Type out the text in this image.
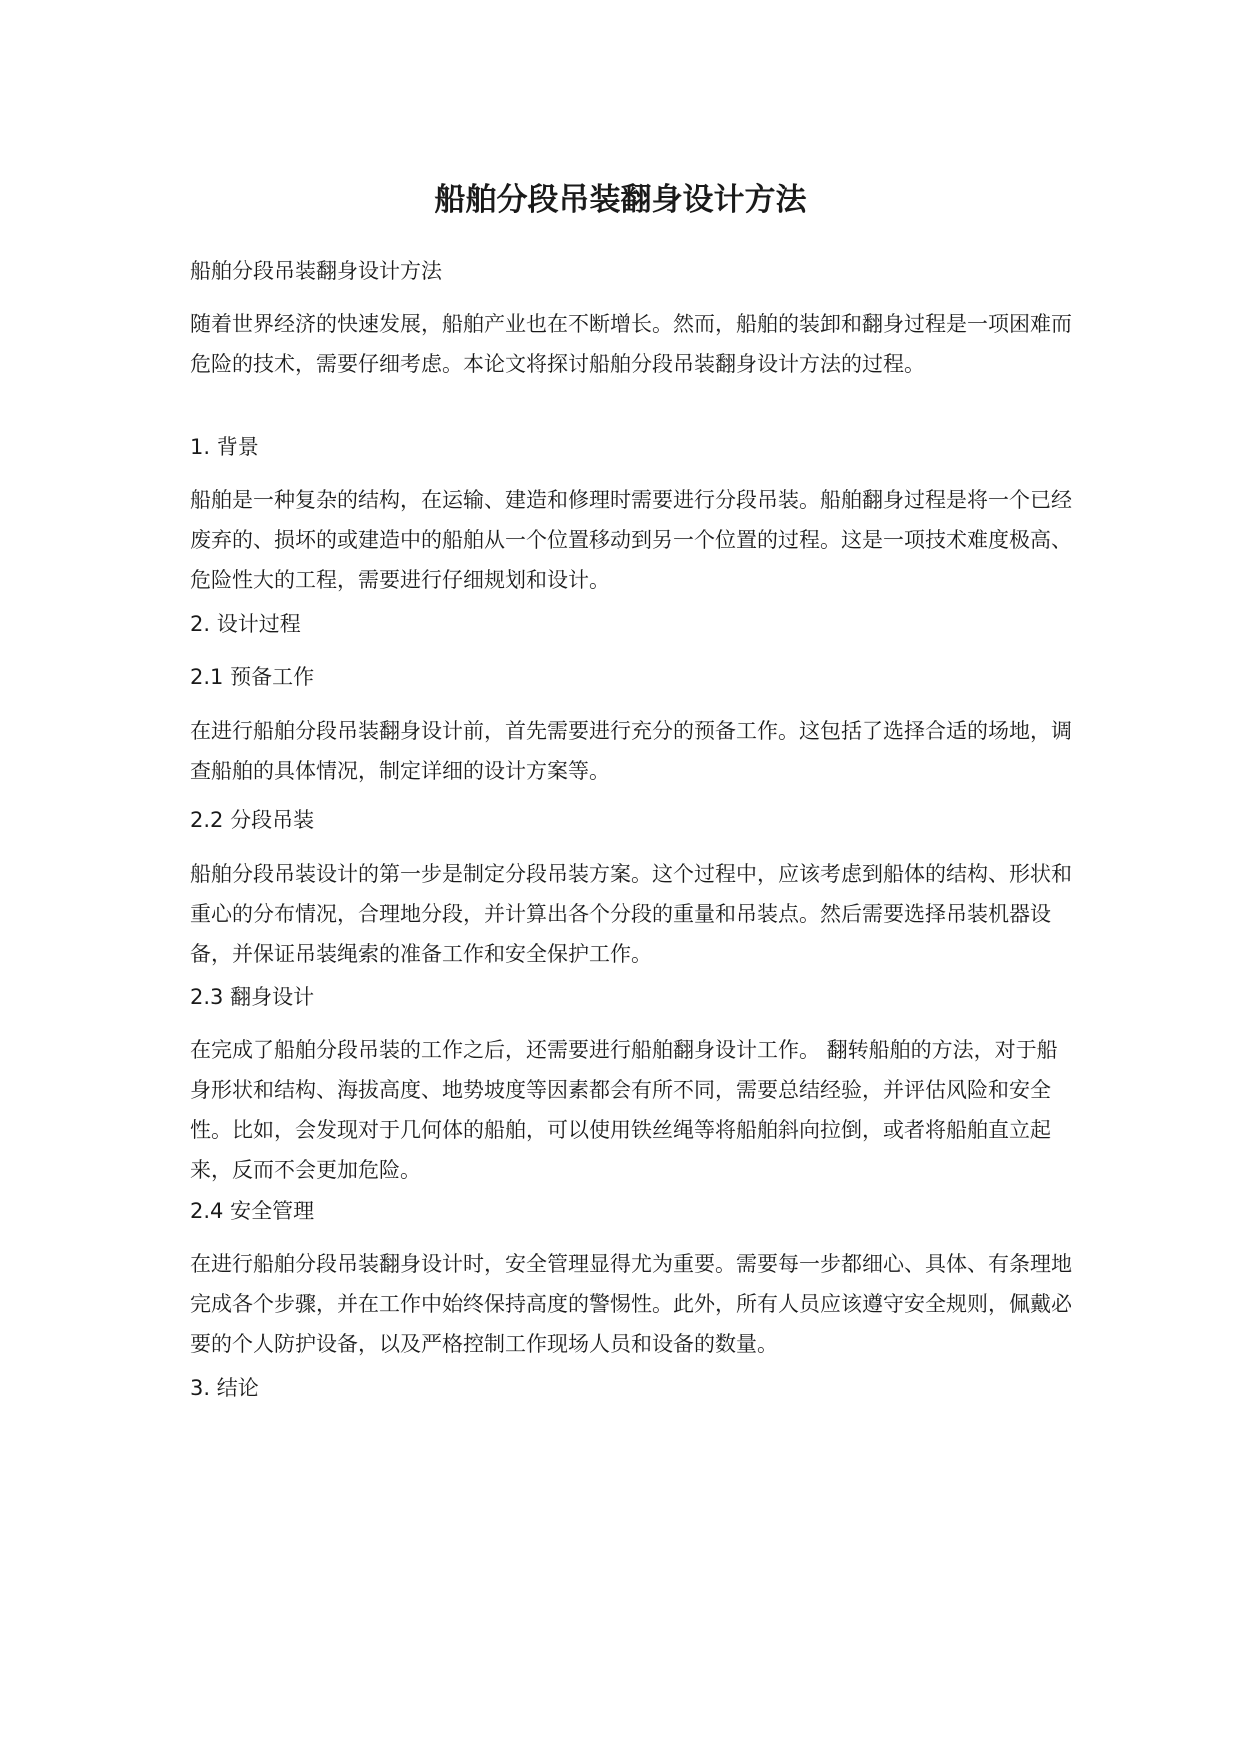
船舶分段吊装翻身设计方法

船舶分段吊装翻身设计方法

随着世界经济的快速发展，船舶产业也在不断增长。然而，船舶的装卸和翻身过程是一项困难而危险的技术，需要仔细考虑。本论文将探讨船舶分段吊装翻身设计方法的过程。

1. 背景

船舶是一种复杂的结构，在运输、建造和修理时需要进行分段吊装。船舶翻身过程是将一个已经废弃的、损坏的或建造中的船舶从一个位置移动到另一个位置的过程。这是一项技术难度极高、危险性大的工程，需要进行仔细规划和设计。

2. 设计过程

2.1 预备工作

在进行船舶分段吊装翻身设计前，首先需要进行充分的预备工作。这包括了选择合适的场地，调查船舶的具体情况，制定详细的设计方案等。

2.2 分段吊装

船舶分段吊装设计的第一步是制定分段吊装方案。这个过程中，应该考虑到船体的结构、形状和重心的分布情况，合理地分段，并计算出各个分段的重量和吊装点。然后需要选择吊装机器设备，并保证吊装绳索的准备工作和安全保护工作。

2.3 翻身设计

在完成了船舶分段吊装的工作之后，还需要进行船舶翻身设计工作。 翻转船舶的方法，对于船身形状和结构、海拔高度、地势坡度等因素都会有所不同，需要总结经验，并评估风险和安全性。比如，会发现对于几何体的船舶，可以使用铁丝绳等将船舶斜向拉倒，或者将船舶直立起来，反而不会更加危险。

2.4 安全管理

在进行船舶分段吊装翻身设计时，安全管理显得尤为重要。需要每一步都细心、具体、有条理地完成各个步骤，并在工作中始终保持高度的警惕性。此外，所有人员应该遵守安全规则，佩戴必要的个人防护设备，以及严格控制工作现场人员和设备的数量。

3. 结论
